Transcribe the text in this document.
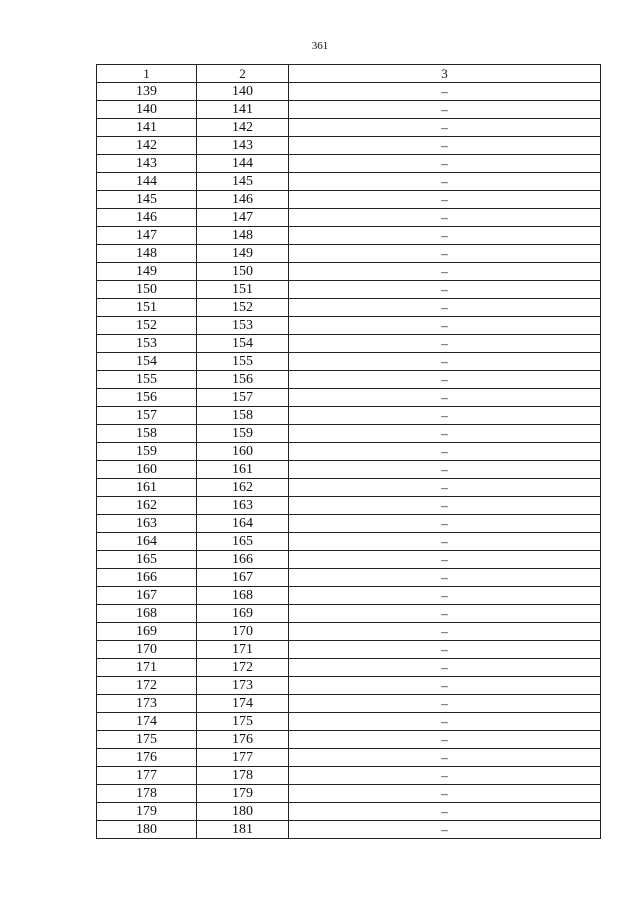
361
1	2	3
139	140	–
140	141	–
141	142	–
142	143	–
143	144	–
144	145	–
145	146	–
146	147	–
147	148	–
148	149	–
149	150	–
150	151	–
151	152	–
152	153	–
153	154	–
154	155	–
155	156	–
156	157	–
157	158	–
158	159	–
159	160	–
160	161	–
161	162	–
162	163	–
163	164	–
164	165	–
165	166	–
166	167	–
167	168	–
168	169	–
169	170	–
170	171	–
171	172	–
172	173	–
173	174	–
174	175	–
175	176	–
176	177	–
177	178	–
178	179	–
179	180	–
180	181	–
